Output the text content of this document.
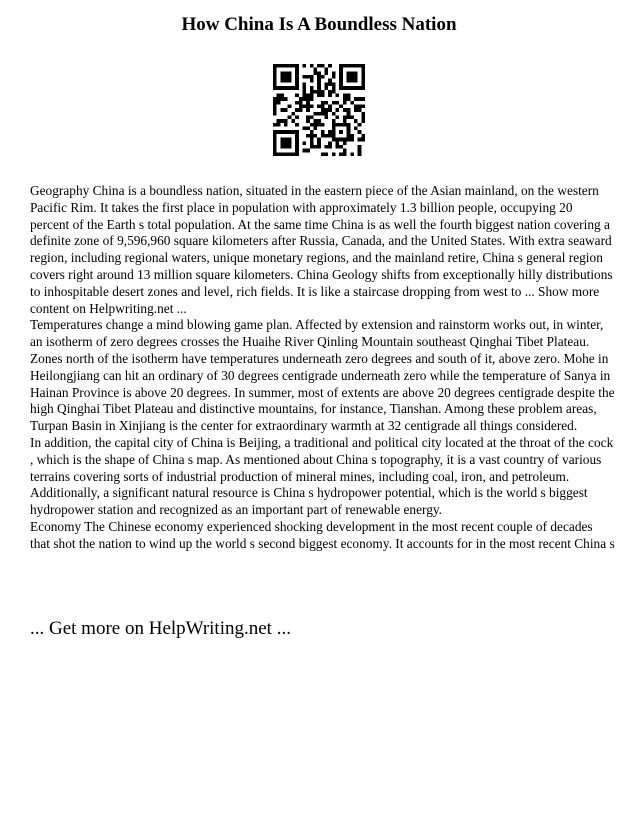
How China Is A Boundless Nation

Geography China is a boundless nation, situated in the eastern piece of the Asian mainland, on the western Pacific Rim. It takes the first place in population with approximately 1.3 billion people, occupying 20 percent of the Earth s total population. At the same time China is as well the fourth biggest nation covering a definite zone of 9,596,960 square kilometers after Russia, Canada, and the United States. With extra seaward region, including regional waters, unique monetary regions, and the mainland retire, China s general region covers right around 13 million square kilometers. China Geology shifts from exceptionally hilly distributions to inhospitable desert zones and level, rich fields. It is like a staircase dropping from west to ... Show more content on Helpwriting.net ...

Temperatures change a mind blowing game plan. Affected by extension and rainstorm works out, in winter, an isotherm of zero degrees crosses the Huaihe River Qinling Mountain southeast Qinghai Tibet Plateau. Zones north of the isotherm have temperatures underneath zero degrees and south of it, above zero. Mohe in Heilongjiang can hit an ordinary of 30 degrees centigrade underneath zero while the temperature of Sanya in Hainan Province is above 20 degrees. In summer, most of extents are above 20 degrees centigrade despite the high Qinghai Tibet Plateau and distinctive mountains, for instance, Tianshan. Among these problem areas, Turpan Basin in Xinjiang is the center for extraordinary warmth at 32 centigrade all things considered.

In addition, the capital city of China is Beijing, a traditional and political city located at the throat of the cock , which is the shape of China s map. As mentioned about China s topography, it is a vast country of various terrains covering sorts of industrial production of mineral mines, including coal, iron, and petroleum. Additionally, a significant natural resource is China s hydropower potential, which is the world s biggest hydropower station and recognized as an important part of renewable energy.

Economy The Chinese economy experienced shocking development in the most recent couple of decades that shot the nation to wind up the world s second biggest economy. It accounts for in the most recent China s

... Get more on HelpWriting.net ...
